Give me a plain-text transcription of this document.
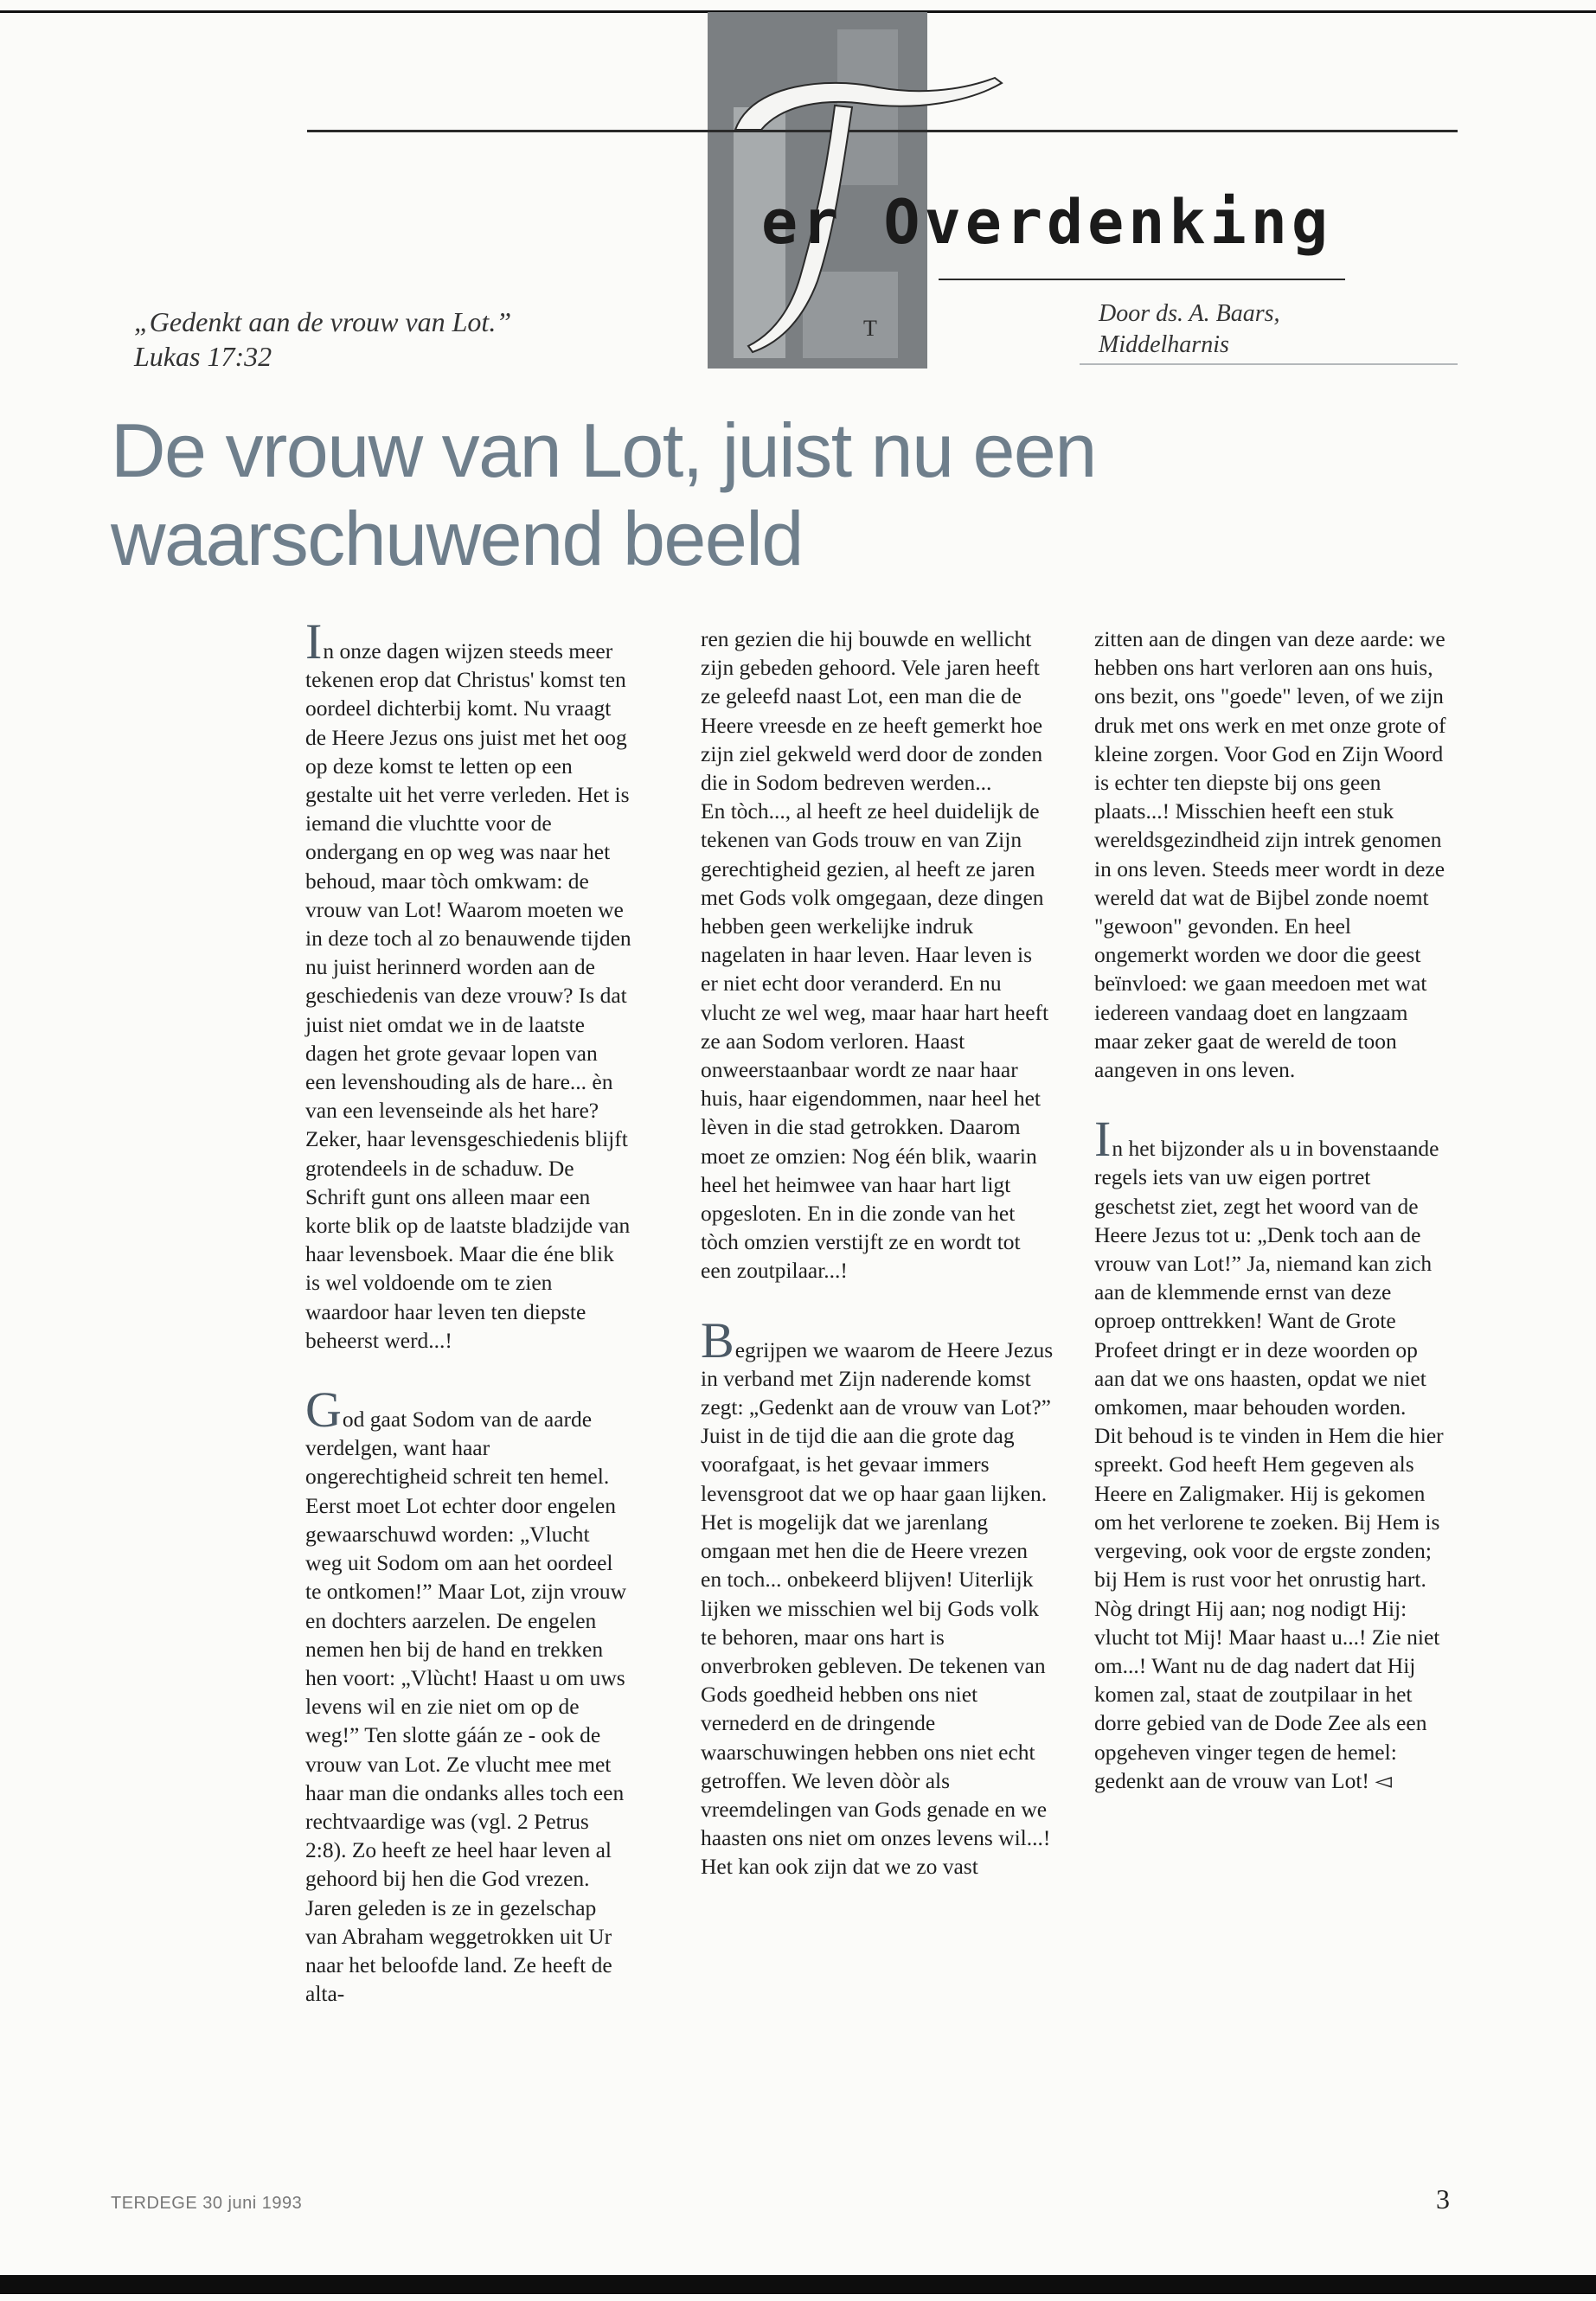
T
er Overdenking
„Gedenkt aan de vrouw van Lot.”
Lukas 17:32
Door ds. A. Baars,
Middelharnis
De vrouw van Lot, juist nu een
waarschuwend beeld

In onze dagen wijzen steeds meer tekenen erop dat Christus' komst ten oordeel dichterbij komt. Nu vraagt de Heere Jezus ons juist met het oog op deze komst te letten op een gestalte uit het verre verleden. Het is iemand die vluchtte voor de ondergang en op weg was naar het behoud, maar tòch omkwam: de vrouw van Lot! Waarom moeten we in deze toch al zo benauwende tijden nu juist herinnerd worden aan de geschiedenis van deze vrouw? Is dat juist niet omdat we in de laatste dagen het grote gevaar lopen van een levenshouding als de hare... èn van een levenseinde als het hare? Zeker, haar levensgeschiedenis blijft grotendeels in de schaduw. De Schrift gunt ons alleen maar een korte blik op de laatste bladzijde van haar levensboek. Maar die éne blik is wel voldoende om te zien waardoor haar leven ten diepste beheerst werd...!

God gaat Sodom van de aarde verdelgen, want haar ongerechtigheid schreit ten hemel. Eerst moet Lot echter door engelen gewaarschuwd worden: „Vlucht weg uit Sodom om aan het oordeel te ontkomen!” Maar Lot, zijn vrouw en dochters aarzelen. De engelen nemen hen bij de hand en trekken hen voort: „Vlùcht! Haast u om uws levens wil en zie niet om op de weg!” Ten slotte gáán ze - ook de vrouw van Lot. Ze vlucht mee met haar man die ondanks alles toch een rechtvaardige was (vgl. 2 Petrus 2:8). Zo heeft ze heel haar leven al gehoord bij hen die God vrezen. Jaren geleden is ze in gezelschap van Abraham weggetrokken uit Ur naar het beloofde land. Ze heeft de alta-

ren gezien die hij bouwde en wellicht zijn gebeden gehoord. Vele jaren heeft ze geleefd naast Lot, een man die de Heere vreesde en ze heeft gemerkt hoe zijn ziel gekweld werd door de zonden die in Sodom bedreven werden...

En tòch..., al heeft ze heel duidelijk de tekenen van Gods trouw en van Zijn gerechtigheid gezien, al heeft ze jaren met Gods volk omgegaan, deze dingen hebben geen werkelijke indruk nagelaten in haar leven. Haar leven is er niet echt door veranderd. En nu vlucht ze wel weg, maar haar hart heeft ze aan Sodom verloren. Haast onweerstaanbaar wordt ze naar haar huis, haar eigendommen, naar heel het lèven in die stad getrokken. Daarom moet ze omzien: Nog één blik, waarin heel het heimwee van haar hart ligt opgesloten. En in die zonde van het tòch omzien verstijft ze en wordt tot een zoutpilaar...!

Begrijpen we waarom de Heere Jezus in verband met Zijn naderende komst zegt: „Gedenkt aan de vrouw van Lot?” Juist in de tijd die aan die grote dag voorafgaat, is het gevaar immers levensgroot dat we op haar gaan lijken. Het is mogelijk dat we jarenlang omgaan met hen die de Heere vrezen en toch... onbekeerd blijven! Uiterlijk lijken we misschien wel bij Gods volk te behoren, maar ons hart is onverbroken gebleven. De tekenen van Gods goedheid hebben ons niet vernederd en de dringende waarschuwingen hebben ons niet echt getroffen. We leven dòòr als vreemdelingen van Gods genade en we haasten ons niet om onzes levens wil...!

Het kan ook zijn dat we zo vast

zitten aan de dingen van deze aarde: we hebben ons hart verloren aan ons huis, ons bezit, ons "goede" leven, of we zijn druk met ons werk en met onze grote of kleine zorgen. Voor God en Zijn Woord is echter ten diepste bij ons geen plaats...! Misschien heeft een stuk wereldsgezindheid zijn intrek genomen in ons leven. Steeds meer wordt in deze wereld dat wat de Bijbel zonde noemt "gewoon" gevonden. En heel ongemerkt worden we door die geest beïnvloed: we gaan meedoen met wat iedereen vandaag doet en langzaam maar zeker gaat de wereld de toon aangeven in ons leven.

In het bijzonder als u in bovenstaande regels iets van uw eigen portret geschetst ziet, zegt het woord van de Heere Jezus tot u: „Denk toch aan de vrouw van Lot!” Ja, niemand kan zich aan de klemmende ernst van deze oproep onttrekken! Want de Grote Profeet dringt er in deze woorden op aan dat we ons haasten, opdat we niet omkomen, maar behouden worden.

Dit behoud is te vinden in Hem die hier spreekt. God heeft Hem gegeven als Heere en Zaligmaker. Hij is gekomen om het verlorene te zoeken. Bij Hem is vergeving, ook voor de ergste zonden; bij Hem is rust voor het onrustig hart. Nòg dringt Hij aan; nog nodigt Hij: vlucht tot Mij! Maar haast u...! Zie niet om...! Want nu de dag nadert dat Hij komen zal, staat de zoutpilaar in het dorre gebied van de Dode Zee als een opgeheven vinger tegen de hemel: gedenkt aan de vrouw van Lot! ◅

TERDEGE 30 juni 1993	3
